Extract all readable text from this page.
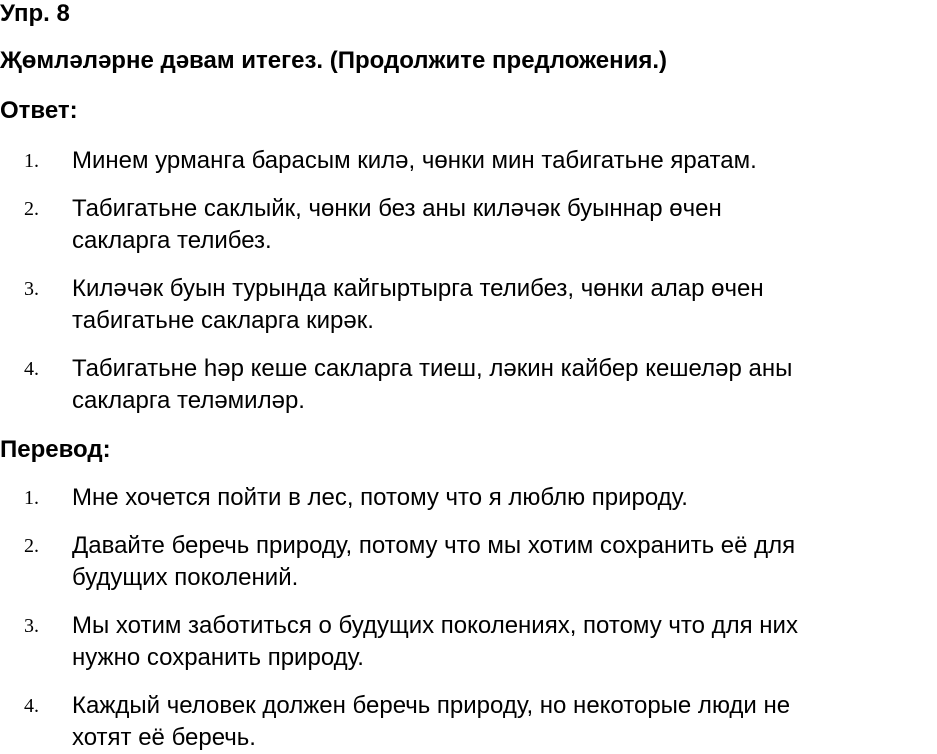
Упр. 8
Җөмләләрне дәвам итегез. (Продолжите предложения.)
Ответ:
1. Минем урманга барасым килә, чөнки мин табигатьне яратам.
2. Табигатьне саклыйк, чөнки без аны киләчәк буыннар өчен
сакларга телибез.
3. Киләчәк буын турында кайгыртырга телибез, чөнки алар өчен
табигатьне сакларга кирәк.
4. Табигатьне һәр кеше сакларга тиеш, ләкин кайбер кешеләр аны
сакларга теләмиләр.
Перевод:
1. Мне хочется пойти в лес, потому что я люблю природу.
2. Давайте беречь природу, потому что мы хотим сохранить её для
будущих поколений.
3. Мы хотим заботиться о будущих поколениях, потому что для них
нужно сохранить природу.
4. Каждый человек должен беречь природу, но некоторые люди не
хотят её беречь.
